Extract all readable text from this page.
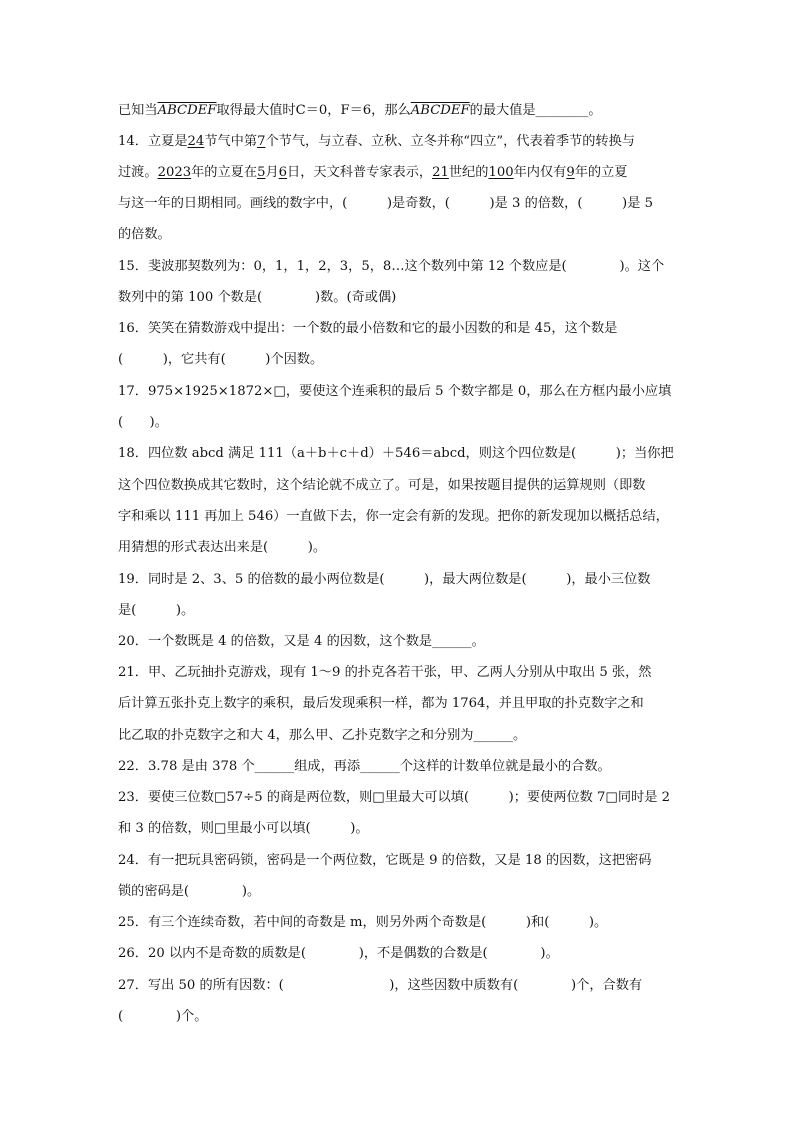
已知当ABCDEF取得最大值时C＝0，F＝6，那么ABCDEF的最大值是________。
14．立夏是24节气中第7个节气，与立春、立秋、立冬并称“四立”，代表着季节的转换与
过渡。2023年的立夏在5月6日，天文科普专家表示，21世纪的100年内仅有9年的立夏
与这一年的日期相同。画线的数字中，(　　　)是奇数，(　　　)是 3 的倍数，(　　　)是 5
的倍数。
15．斐波那契数列为：0，1，1，2，3，5，8…这个数列中第 12 个数应是(　　　　)。这个
数列中的第 100 个数是(　　　　)数。(奇或偶)
16．笑笑在猜数游戏中提出：一个数的最小倍数和它的最小因数的和是 45，这个数是
(　　　)，它共有(　　　)个因数。
17．975×1925×1872×□，要使这个连乘积的最后 5 个数字都是 0，那么在方框内最小应填
(　　)。
18．四位数 abcd 满足 111（a＋b＋c＋d）＋546＝abcd，则这个四位数是(　　　)；当你把
这个四位数换成其它数时，这个结论就不成立了。可是，如果按题目提供的运算规则（即数
字和乘以 111 再加上 546）一直做下去，你一定会有新的发现。把你的新发现加以概括总结，
用猜想的形式表达出来是(　　　)。
19．同时是 2、3、5 的倍数的最小两位数是(　　　)，最大两位数是(　　　)，最小三位数
是(　　　)。
20．一个数既是 4 的倍数，又是 4 的因数，这个数是______。
21．甲、乙玩抽扑克游戏，现有 1～9 的扑克各若干张，甲、乙两人分别从中取出 5 张，然
后计算五张扑克上数字的乘积，最后发现乘积一样，都为 1764，并且甲取的扑克数字之和
比乙取的扑克数字之和大 4，那么甲、乙扑克数字之和分别为______。
22．3.78 是由 378 个______组成，再添______个这样的计数单位就是最小的合数。
23．要使三位数□57÷5 的商是两位数，则□里最大可以填(　　　)；要使两位数 7□同时是 2
和 3 的倍数，则□里最小可以填(　　　)。
24．有一把玩具密码锁，密码是一个两位数，它既是 9 的倍数，又是 18 的因数，这把密码
锁的密码是(　　　　)。
25．有三个连续奇数，若中间的奇数是 m，则另外两个奇数是(　　　)和(　　　)。
26．20 以内不是奇数的质数是(　　　　)，不是偶数的合数是(　　　　)。
27．写出 50 的所有因数：(　　　　　　　　)，这些因数中质数有(　　　　)个，合数有
(　　　　)个。
